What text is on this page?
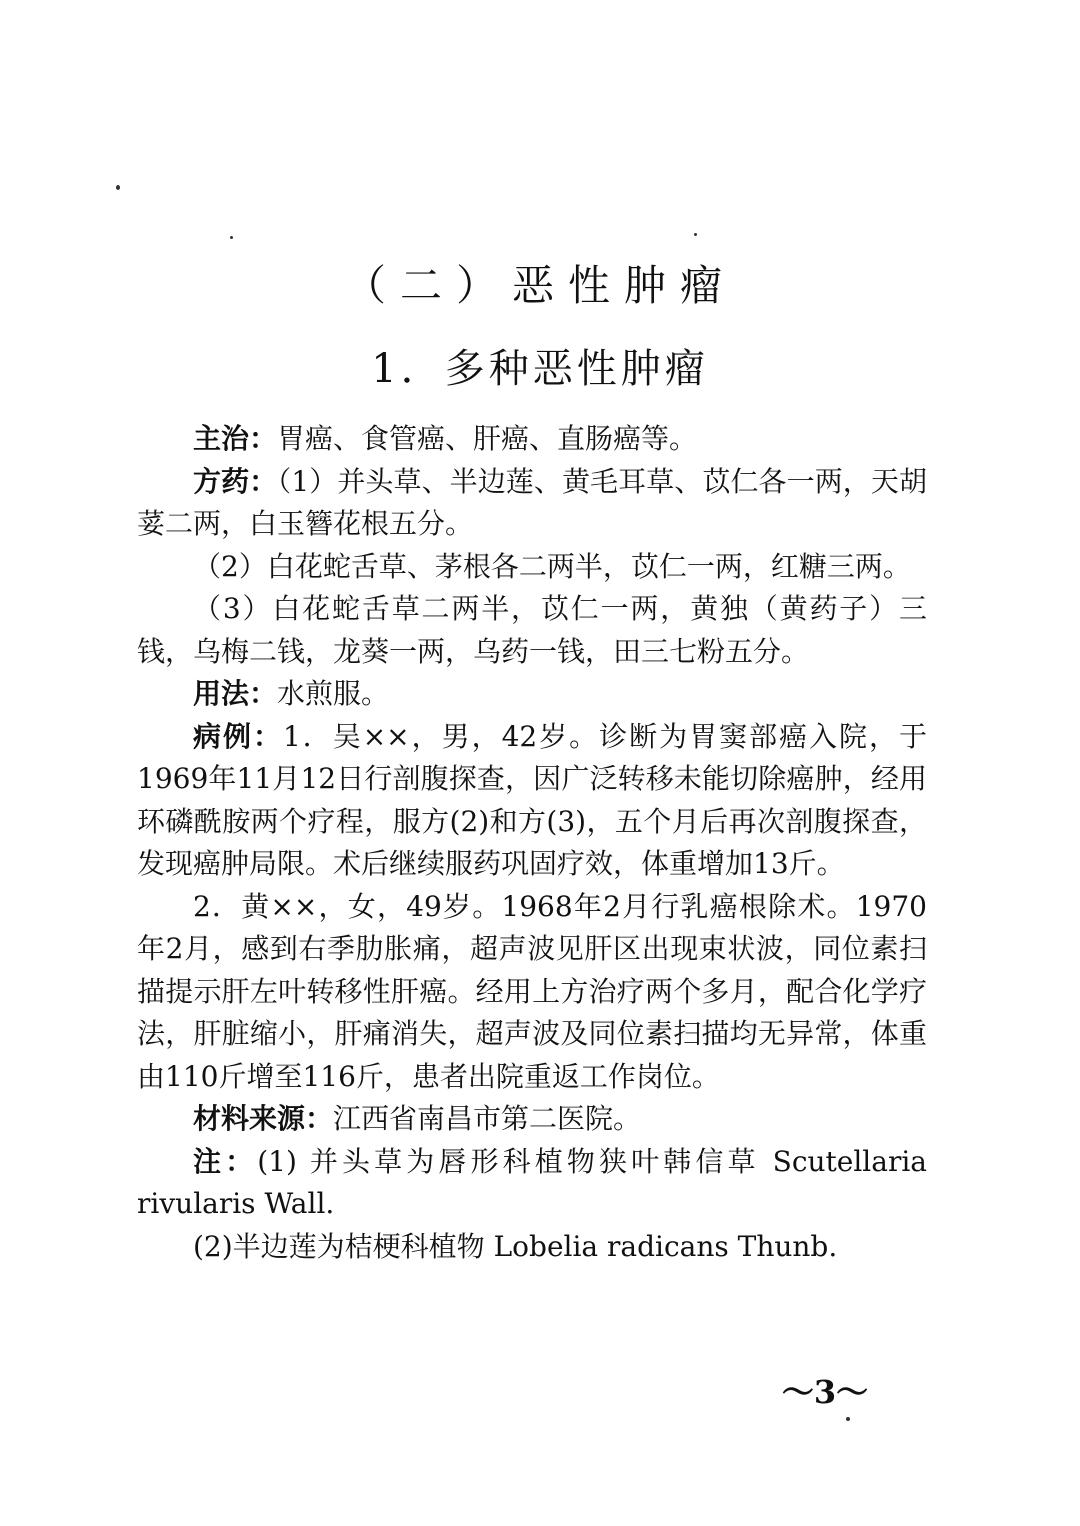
（二）恶性肿瘤
1．多种恶性肿瘤

主治：胃癌、食管癌、肝癌、直肠癌等。

方药：（1）并头草、半边莲、黄毛耳草、苡仁各一两，天胡荽二两，白玉簪花根五分。

（2）白花蛇舌草、茅根各二两半，苡仁一两，红糖三两。

（3）白花蛇舌草二两半，苡仁一两，黄独（黄药子）三钱，乌梅二钱，龙葵一两，乌药一钱，田三七粉五分。

用法：水煎服。

病例：1．吴××，男，42岁。诊断为胃窦部癌入院，于1969年11月12日行剖腹探查，因广泛转移未能切除癌肿，经用环磷酰胺两个疗程，服方(2)和方(3)，五个月后再次剖腹探查，发现癌肿局限。术后继续服药巩固疗效，体重增加13斤。

2．黄××，女，49岁。1968年2月行乳癌根除术。1970年2月，感到右季肋胀痛，超声波见肝区出现束状波，同位素扫描提示肝左叶转移性肝癌。经用上方治疗两个多月，配合化学疗法，肝脏缩小，肝痛消失，超声波及同位素扫描均无异常，体重由110斤增至116斤，患者出院重返工作岗位。

材料来源：江西省南昌市第二医院。

注：(1) 并头草为唇形科植物狭叶韩信草 Scutellaria rivularis Wall.

(2)半边莲为桔梗科植物 Lobelia radicans Thunb.

～3～
